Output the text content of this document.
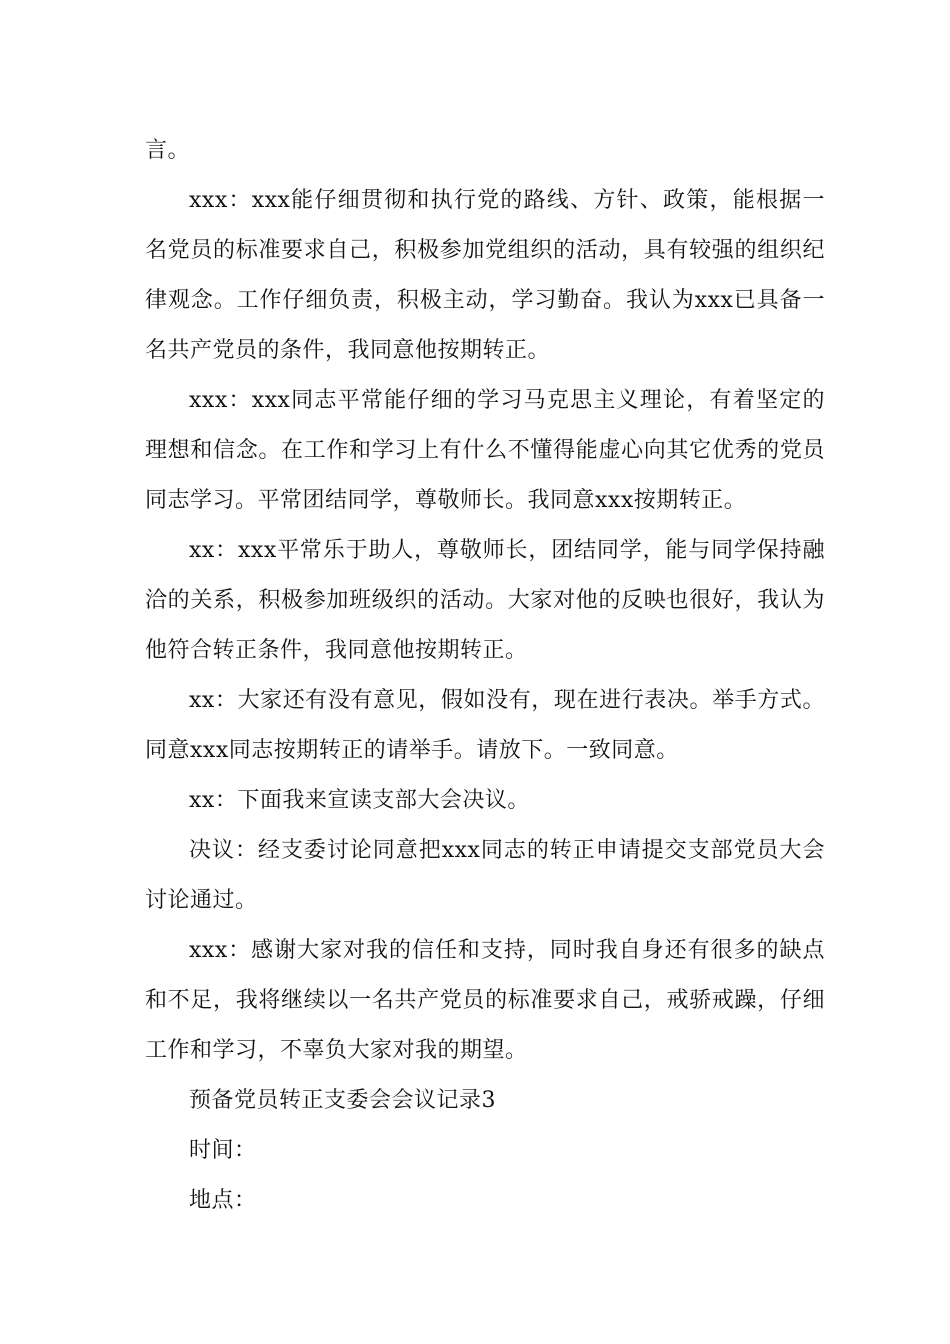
言。

xxx：xxx能仔细贯彻和执行党的路线、方针、政策，能根据一名党员的标准要求自己，积极参加党组织的活动，具有较强的组织纪律观念。工作仔细负责，积极主动，学习勤奋。我认为xxx已具备一名共产党员的条件，我同意他按期转正。

xxx：xxx同志平常能仔细的学习马克思主义理论，有着坚定的理想和信念。在工作和学习上有什么不懂得能虚心向其它优秀的党员同志学习。平常团结同学，尊敬师长。我同意xxx按期转正。

xx：xxx平常乐于助人，尊敬师长，团结同学，能与同学保持融洽的关系，积极参加班级织的活动。大家对他的反映也很好，我认为他符合转正条件，我同意他按期转正。

xx：大家还有没有意见，假如没有，现在进行表决。举手方式。同意xxx同志按期转正的请举手。请放下。一致同意。

xx：下面我来宣读支部大会决议。

决议：经支委讨论同意把xxx同志的转正申请提交支部党员大会讨论通过。

xxx：感谢大家对我的信任和支持，同时我自身还有很多的缺点和不足，我将继续以一名共产党员的标准要求自己，戒骄戒躁，仔细工作和学习，不辜负大家对我的期望。

预备党员转正支委会会议记录3

时间：

地点：
